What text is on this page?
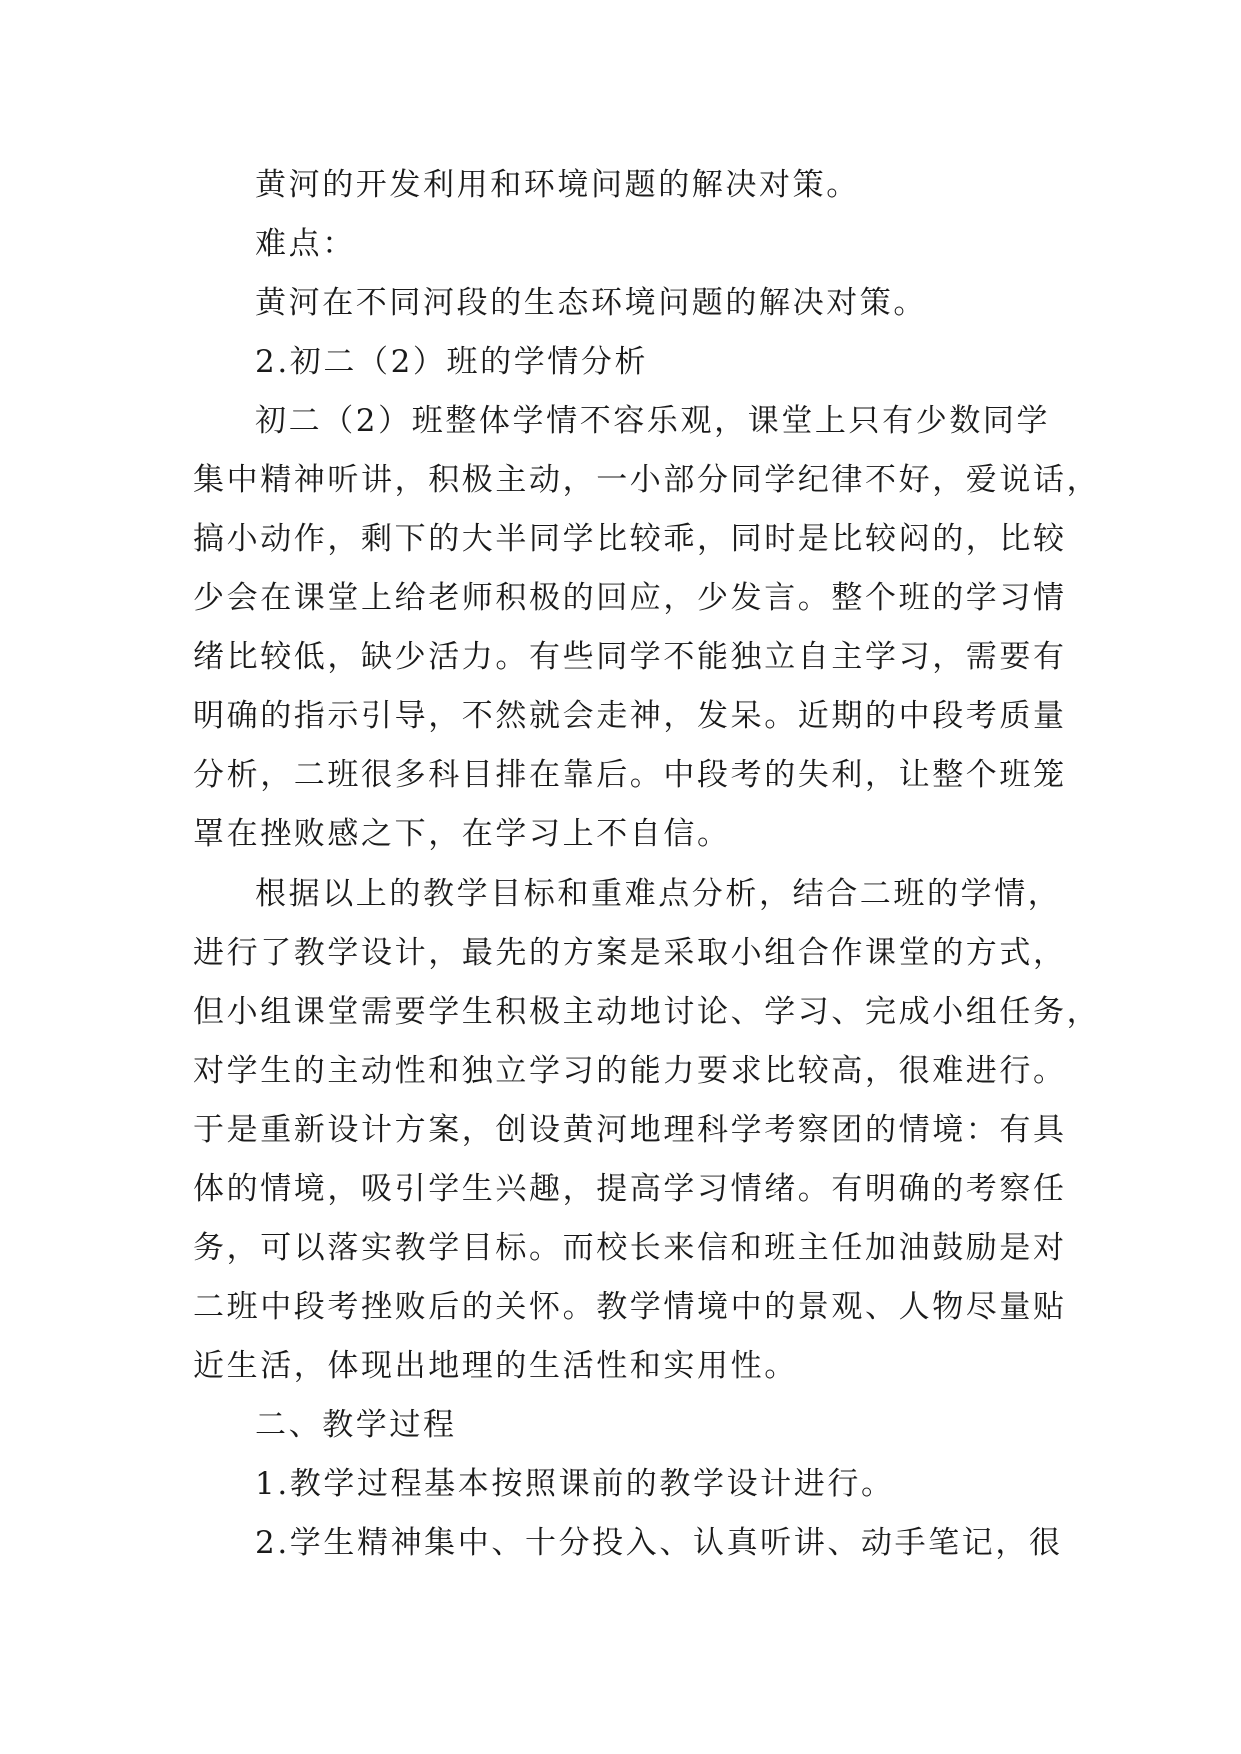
黄河的开发利用和环境问题的解决对策。
难点：
黄河在不同河段的生态环境问题的解决对策。
2.初二（2）班的学情分析
初二（2）班整体学情不容乐观，课堂上只有少数同学
集中精神听讲，积极主动，一小部分同学纪律不好，爱说话，
搞小动作，剩下的大半同学比较乖，同时是比较闷的，比较
少会在课堂上给老师积极的回应，少发言。整个班的学习情
绪比较低，缺少活力。有些同学不能独立自主学习，需要有
明确的指示引导，不然就会走神，发呆。近期的中段考质量
分析，二班很多科目排在靠后。中段考的失利，让整个班笼
罩在挫败感之下，在学习上不自信。
根据以上的教学目标和重难点分析，结合二班的学情，
进行了教学设计，最先的方案是采取小组合作课堂的方式，
但小组课堂需要学生积极主动地讨论、学习、完成小组任务，
对学生的主动性和独立学习的能力要求比较高，很难进行。
于是重新设计方案，创设黄河地理科学考察团的情境：有具
体的情境，吸引学生兴趣，提高学习情绪。有明确的考察任
务，可以落实教学目标。而校长来信和班主任加油鼓励是对
二班中段考挫败后的关怀。教学情境中的景观、人物尽量贴
近生活，体现出地理的生活性和实用性。
二、教学过程
1.教学过程基本按照课前的教学设计进行。
2.学生精神集中、十分投入、认真听讲、动手笔记，很
